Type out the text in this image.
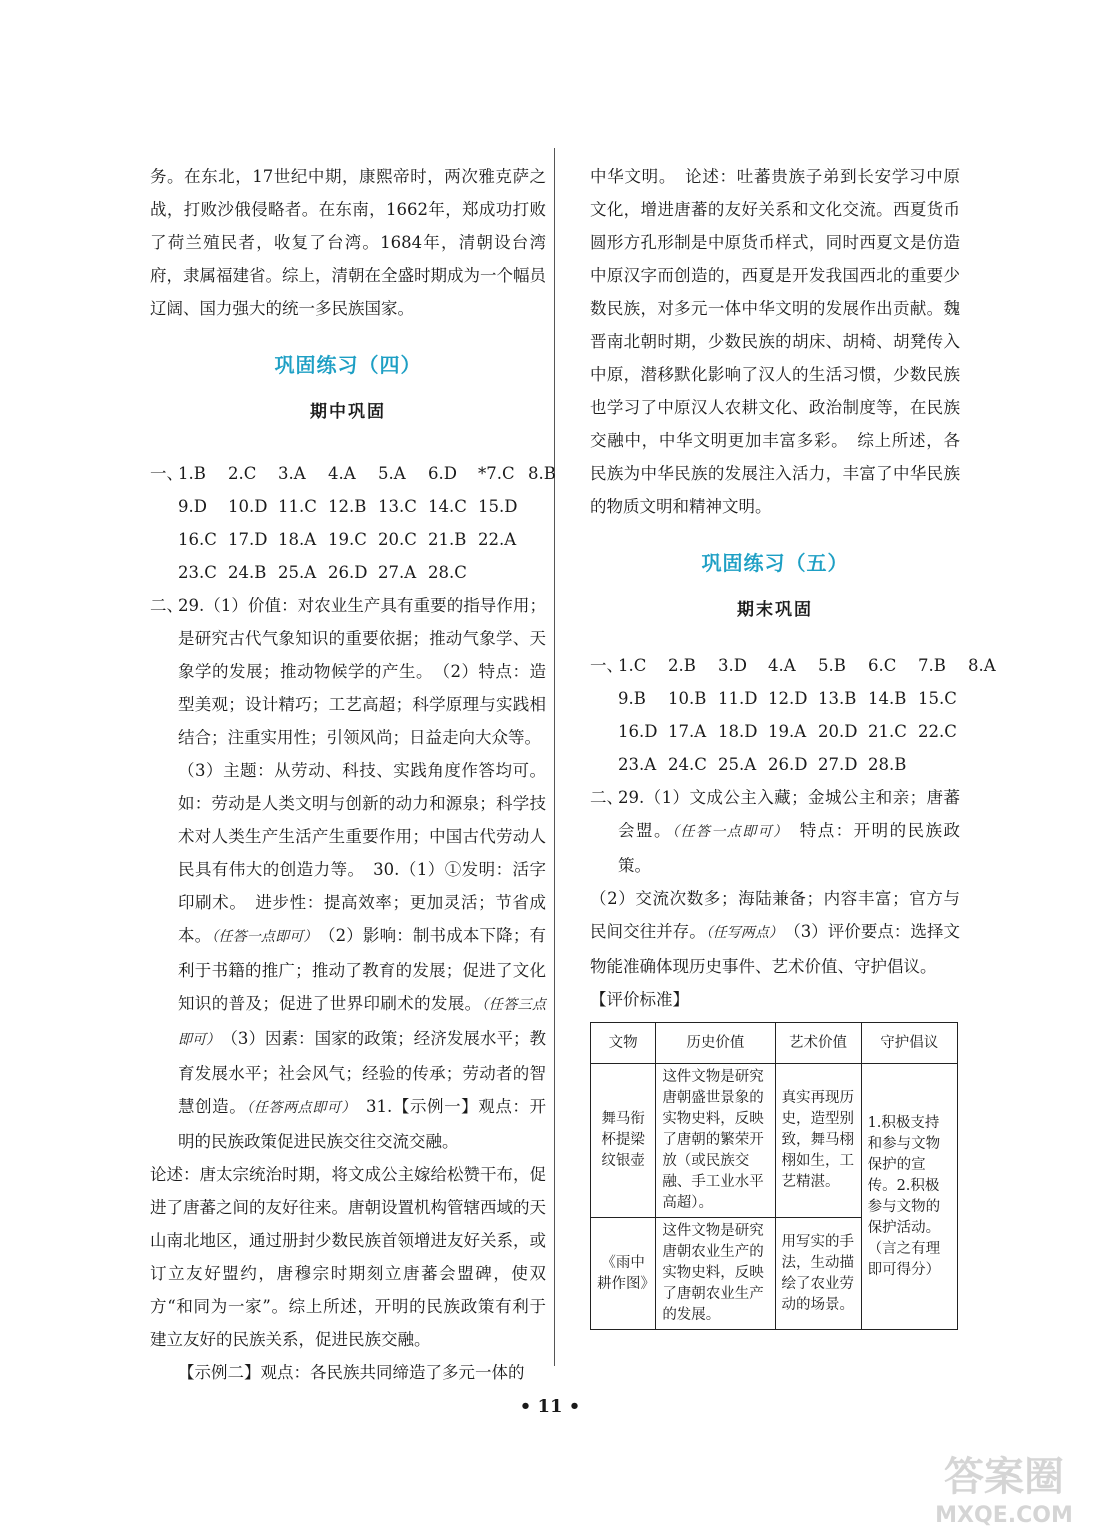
务。在东北，17世纪中期，康熙帝时，两次雅克萨之战，打败沙俄侵略者。在东南，1662年，郑成功打败了荷兰殖民者，收复了台湾。1684年，清朝设台湾府，隶属福建省。综上，清朝在全盛时期成为一个幅员辽阔、国力强大的统一多民族国家。

巩固练习（四）
期中巩固
一、
1.B	2.C	3.A	4.A	5.A	6.D	*7.C 8.B
9.D	10.D 11.C 12.B 13.C 14.C 15.D
16.C 17.D 18.A 19.C 20.C 21.B 22.A
23.C 24.B 25.A 26.D 27.A 28.C
二、

29.（1）价值：对农业生产具有重要的指导作用；是研究古代气象知识的重要依据；推动气象学、天象学的发展；推动物候学的产生。　（2）特点：造型美观；设计精巧；工艺高超；科学原理与实践相结合；注重实用性；引领风尚；日益走向大众等。

（3）主题：从劳动、科技、实践角度作答均可。如：劳动是人类文明与创新的动力和源泉；科学技术对人类生产生活产生重要作用；中国古代劳动人民具有伟大的创造力等。　30.（1）①发明：活字印刷术。　进步性：提高效率；更加灵活；节省成本。（任答一点即可）　（2）影响：制书成本下降；有利于书籍的推广；推动了教育的发展；促进了文化知识的普及；促进了世界印刷术的发展。（任答三点即可）　（3）因素：国家的政策；经济发展水平；教育发展水平；社会风气；经验的传承；劳动者的智慧创造。（任答两点即可）　31.【示例一】观点：开明的民族政策促进民族交往交流交融。

论述：唐太宗统治时期，将文成公主嫁给松赞干布，促进了唐蕃之间的友好往来。唐朝设置机构管辖西域的天山南北地区，通过册封少数民族首领增进友好关系，或订立友好盟约，唐穆宗时期刻立唐蕃会盟碑，使双方“和同为一家”。综上所述，开明的民族政策有利于建立友好的民族关系，促进民族交融。

【示例二】观点：各民族共同缔造了多元一体的

中华文明。　论述：吐蕃贵族子弟到长安学习中原文化，增进唐蕃的友好关系和文化交流。西夏货币圆形方孔形制是中原货币样式，同时西夏文是仿造中原汉字而创造的，西夏是开发我国西北的重要少数民族，对多元一体中华文明的发展作出贡献。魏晋南北朝时期，少数民族的胡床、胡椅、胡凳传入中原，潜移默化影响了汉人的生活习惯，少数民族也学习了中原汉人农耕文化、政治制度等，在民族交融中，中华文明更加丰富多彩。　综上所述，各民族为中华民族的发展注入活力，丰富了中华民族的物质文明和精神文明。

巩固练习（五）
期末巩固
一、
1.C	2.B	3.D	4.A	5.B	6.C	7.B	8.A
9.B	10.B 11.D 12.D 13.B 14.B 15.C
16.D 17.A 18.D 19.A 20.D 21.C 22.C
23.A 24.C 25.A 26.D 27.D 28.B
二、

29.（1）文成公主入藏；金城公主和亲；唐蕃会盟。（任答一点即可）　特点：开明的民族政策。

（2）交流次数多；海陆兼备；内容丰富；官方与民间交往并存。（任写两点）　（3）评价要点：选择文物能准确体现历史事件、艺术价值、守护倡议。

【评价标准】

文物	历史价值	艺术价值	守护倡议
舞马衔杯提梁纹银壶	这件文物是研究唐朝盛世景象的实物史料，反映了唐朝的繁荣开放（或民族交融、手工业水平高超）。	真实再现历史，造型别致，舞马栩栩如生，工艺精湛。	1.积极支持和参与文物保护的宣传。2.积极参与文物的保护活动。（言之有理即可得分）
《雨中耕作图》	这件文物是研究唐朝农业生产的实物史料，反映了唐朝农业生产的发展。	用写实的手法，生动描绘了农业劳动的场景。	
• 11 •
答案圈
MXQE.COM
